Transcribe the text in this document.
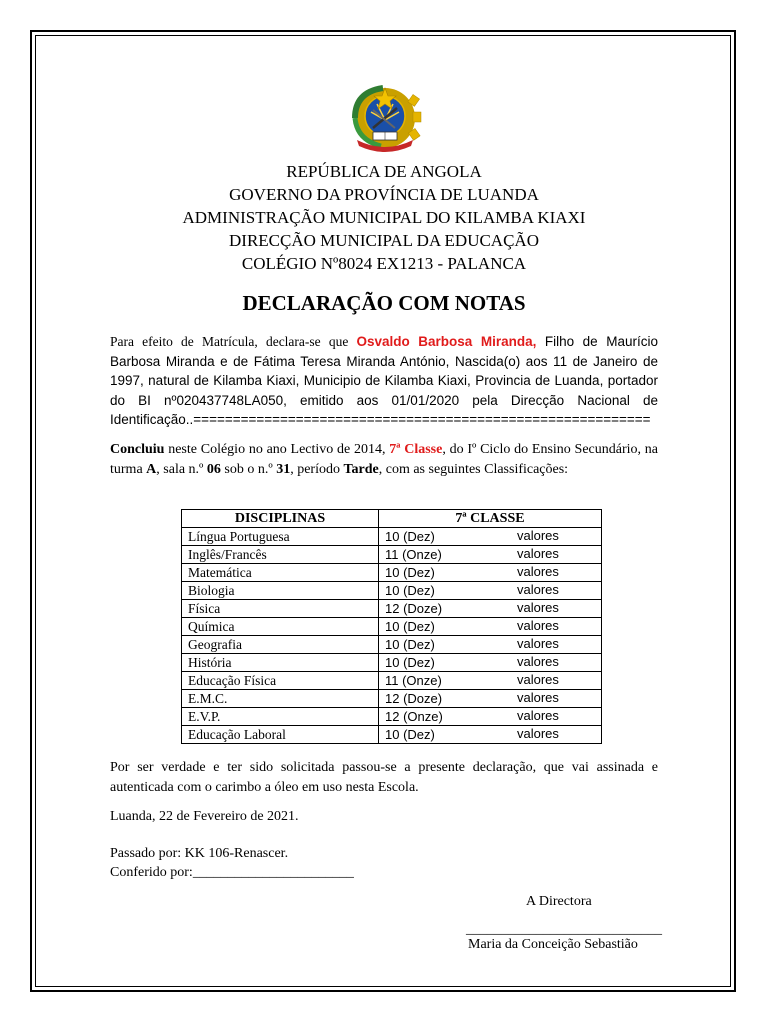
REPÚBLICA DE ANGOLA
GOVERNO DA PROVÍNCIA DE LUANDA
ADMINISTRAÇÃO MUNICIPAL DO KILAMBA KIAXI
DIRECÇÃO MUNICIPAL DA EDUCAÇÃO
COLÉGIO Nº8024 EX1213 - PALANCA
DECLARAÇÃO COM NOTAS
Para efeito de Matrícula, declara-se que Osvaldo Barbosa Miranda, Filho de Maurício Barbosa Miranda e de Fátima Teresa Miranda António, Nascida(o) aos 11 de Janeiro de 1997, natural de Kilamba Kiaxi, Municipio de Kilamba Kiaxi, Provincia de Luanda, portador do BI nº020437748LA050, emitido aos 01/01/2020 pela Direcção Nacional de Identificação..==========================================================
Concluiu neste Colégio no ano Lectivo de 2014, 7ª Classe, do Iº Ciclo do Ensino Secundário, na turma A, sala n.º 06 sob o n.º 31, período Tarde, com as seguintes Classificações:
DISCIPLINAS	7ª CLASSE
Língua Portuguesa	10 (Dez) valores

Inglês/Francês	11 (Onze) valores

Matemática	10 (Dez) valores

Biologia	10 (Dez) valores

Física	12 (Doze) valores

Química	10 (Dez) valores

Geografia	10 (Dez) valores

História	10 (Dez) valores

Educação Física	11 (Onze) valores

E.M.C.	12 (Doze) valores

E.V.P.	12 (Onze) valores

Educação Laboral	10 (Dez) valores
Por ser verdade e ter sido solicitada passou-se a presente declaração, que vai assinada e autenticada com o carimbo a óleo em uso nesta Escola.
Luanda, 22 de Fevereiro de 2021.
Passado por: KK 106-Renascer.
Conferido por:_______________________
A Directora
____________________________
Maria da Conceição Sebastião
